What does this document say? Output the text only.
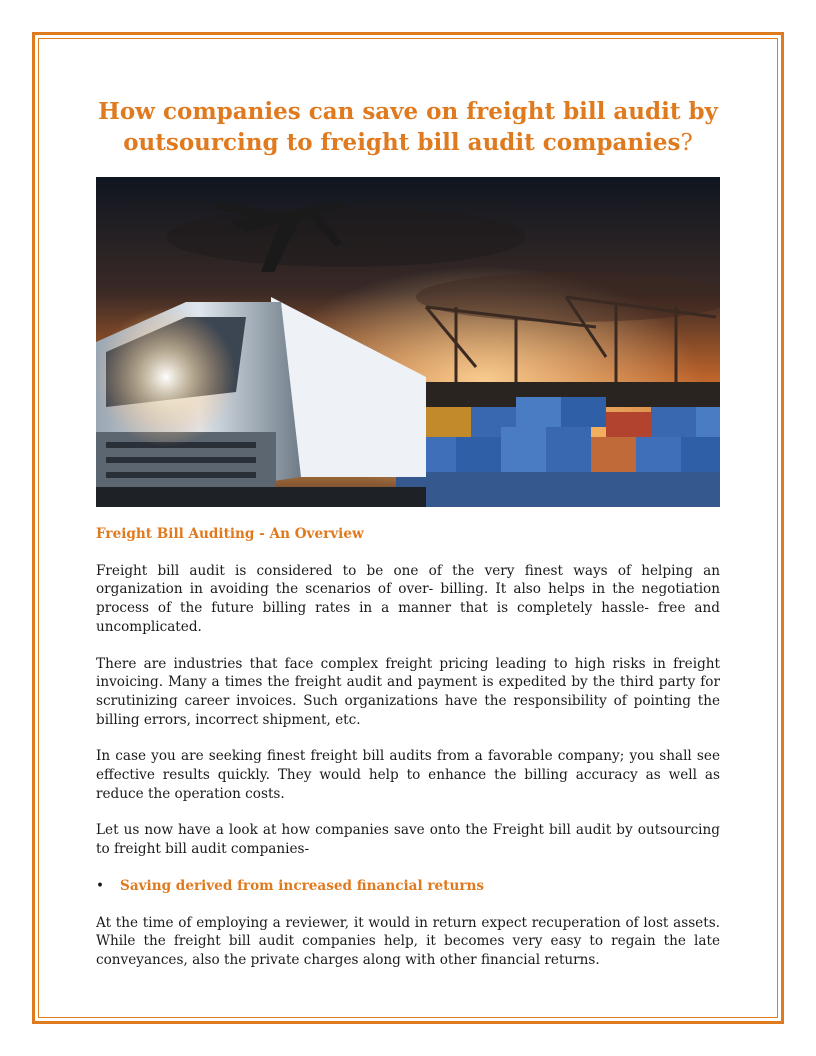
How companies can save on freight bill audit by outsourcing to freight bill audit companies?
Freight Bill Auditing - An Overview

Freight bill audit is considered to be one of the very finest ways of helping an organization in avoiding the scenarios of over- billing. It also helps in the negotiation process of the future billing rates in a manner that is completely hassle- free and uncomplicated.

There are industries that face complex freight pricing leading to high risks in freight invoicing. Many a times the freight audit and payment is expedited by the third party for scrutinizing career invoices. Such organizations have the responsibility of pointing the billing errors, incorrect shipment, etc.

In case you are seeking finest freight bill audits from a favorable company; you shall see effective results quickly. They would help to enhance the billing accuracy as well as reduce the operation costs.

Let us now have a look at how companies save onto the Freight bill audit by outsourcing to freight bill audit companies-

•	Saving derived from increased financial returns

At the time of employing a reviewer, it would in return expect recuperation of lost assets. While the freight bill audit companies help, it becomes very easy to regain the late conveyances, also the private charges along with other financial returns.
